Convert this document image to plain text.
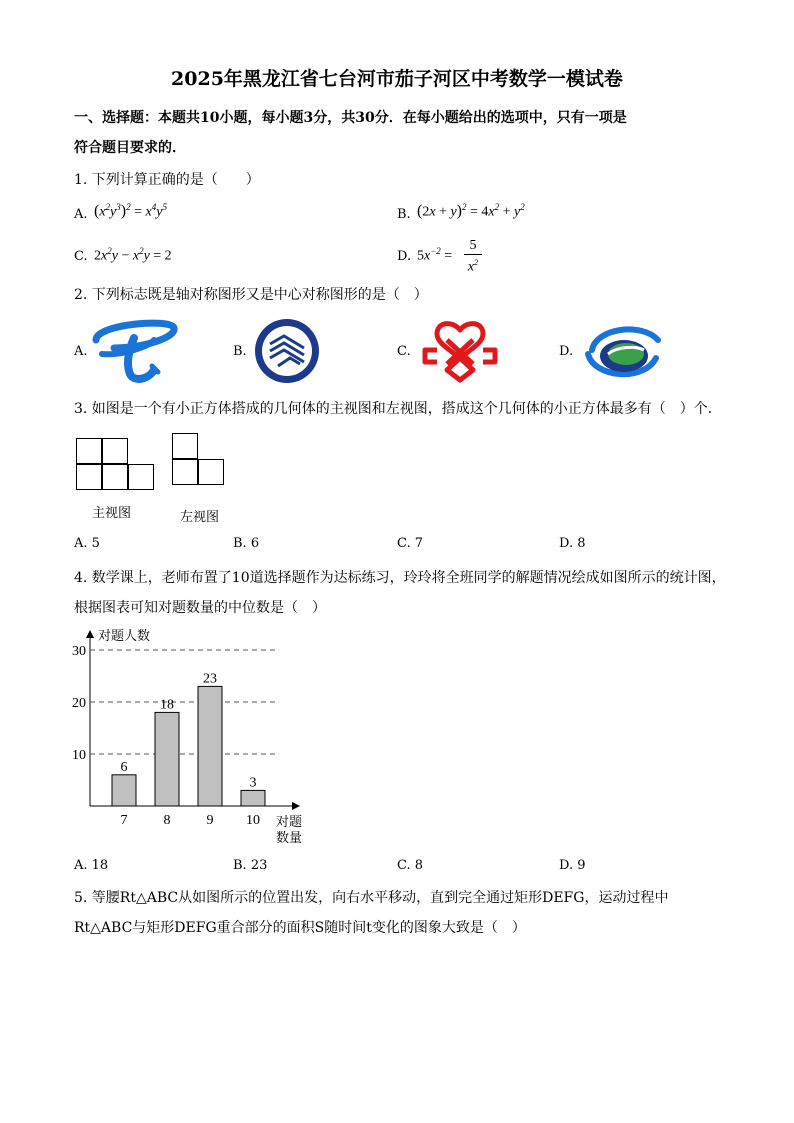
2025年黑龙江省七台河市茄子河区中考数学一模试卷
一、选择题：本题共10小题，每小题3分，共30分．在每小题给出的选项中，只有一项是
符合题目要求的．
1. 下列计算正确的是（　　）
A. $(x^2y^3)^2 = x^4y^5$	B. $(2x + y)^2 = 4x^2 + y^2$
C. $2x^2y - x^2y = 2$	D. $5x^{-2}$ =
5
$x^2$
2. 下列标志既是轴对称图形又是中心对称图形的是（　）
A.	B.	C.	D.
3. 如图是一个有小正方体搭成的几何体的主视图和左视图，搭成这个几何体的小正方体最多有（　）个．
主视图	左视图
A. 5	B. 6	C. 7	D. 8
4. 数学课上，老师布置了10道选择题作为达标练习，玲玲将全班同学的解题情况绘成如图所示的统计图，
根据图表可知对题数量的中位数是（　）
对题人数
对题
数量
10
20
30
6
7
18
8
23
9
3
10
A. 18	B. 23	C. 8	D. 9
5. 等腰Rt△ABC从如图所示的位置出发，向右水平移动，直到完全通过矩形DEFG，运动过程中
Rt△ABC与矩形DEFG重合部分的面积S随时间t变化的图象大致是（　）
